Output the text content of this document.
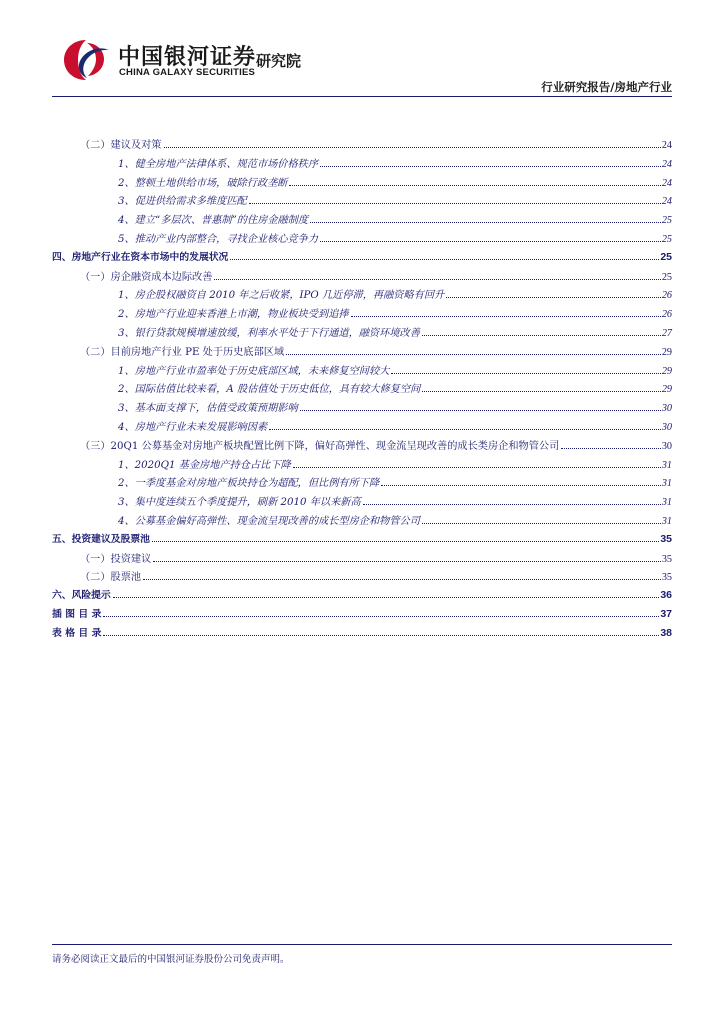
中国银河证券
CHINA GALAXY SECURITIES
研究院
行业研究报告/房地产行业
（二）建议及对策	24
1、健全房地产法律体系、规范市场价格秩序	24
2、整顿土地供给市场，破除行政垄断	24
3、促进供给需求多维度匹配	24
4、建立“多层次、普惠制”的住房金融制度	25
5、推动产业内部整合，寻找企业核心竞争力	25
四、房地产行业在资本市场中的发展状况	25
（一）房企融资成本边际改善	25
1、房企股权融资自 2010 年之后收紧，IPO 几近停滞，再融资略有回升	26
2、房地产行业迎来香港上市潮，物业板块受到追捧	26
3、银行贷款规模增速放缓，利率水平处于下行通道，融资环境改善	27
（二）目前房地产行业 PE 处于历史底部区域	29
1、房地产行业市盈率处于历史底部区域，未来修复空间较大	29
2、国际估值比较来看，A 股估值处于历史低位，具有较大修复空间	29
3、基本面支撑下，估值受政策预期影响	30
4、房地产行业未来发展影响因素	30
（三）20Q1 公募基金对房地产板块配置比例下降，偏好高弹性、现金流呈现改善的成长类房企和物管公司	30
1、2020Q1 基金房地产持仓占比下降	31
2、一季度基金对房地产板块持仓为超配，但比例有所下降	31
3、集中度连续五个季度提升，刷新 2010 年以来新高	31
4、公募基金偏好高弹性、现金流呈现改善的成长型房企和物管公司	31
五、投资建议及股票池	35
（一）投资建议	35
（二）股票池	35
六、风险提示	36
插 图 目 录	37
表 格 目 录	38
请务必阅读正文最后的中国银河证券股份公司免责声明。
